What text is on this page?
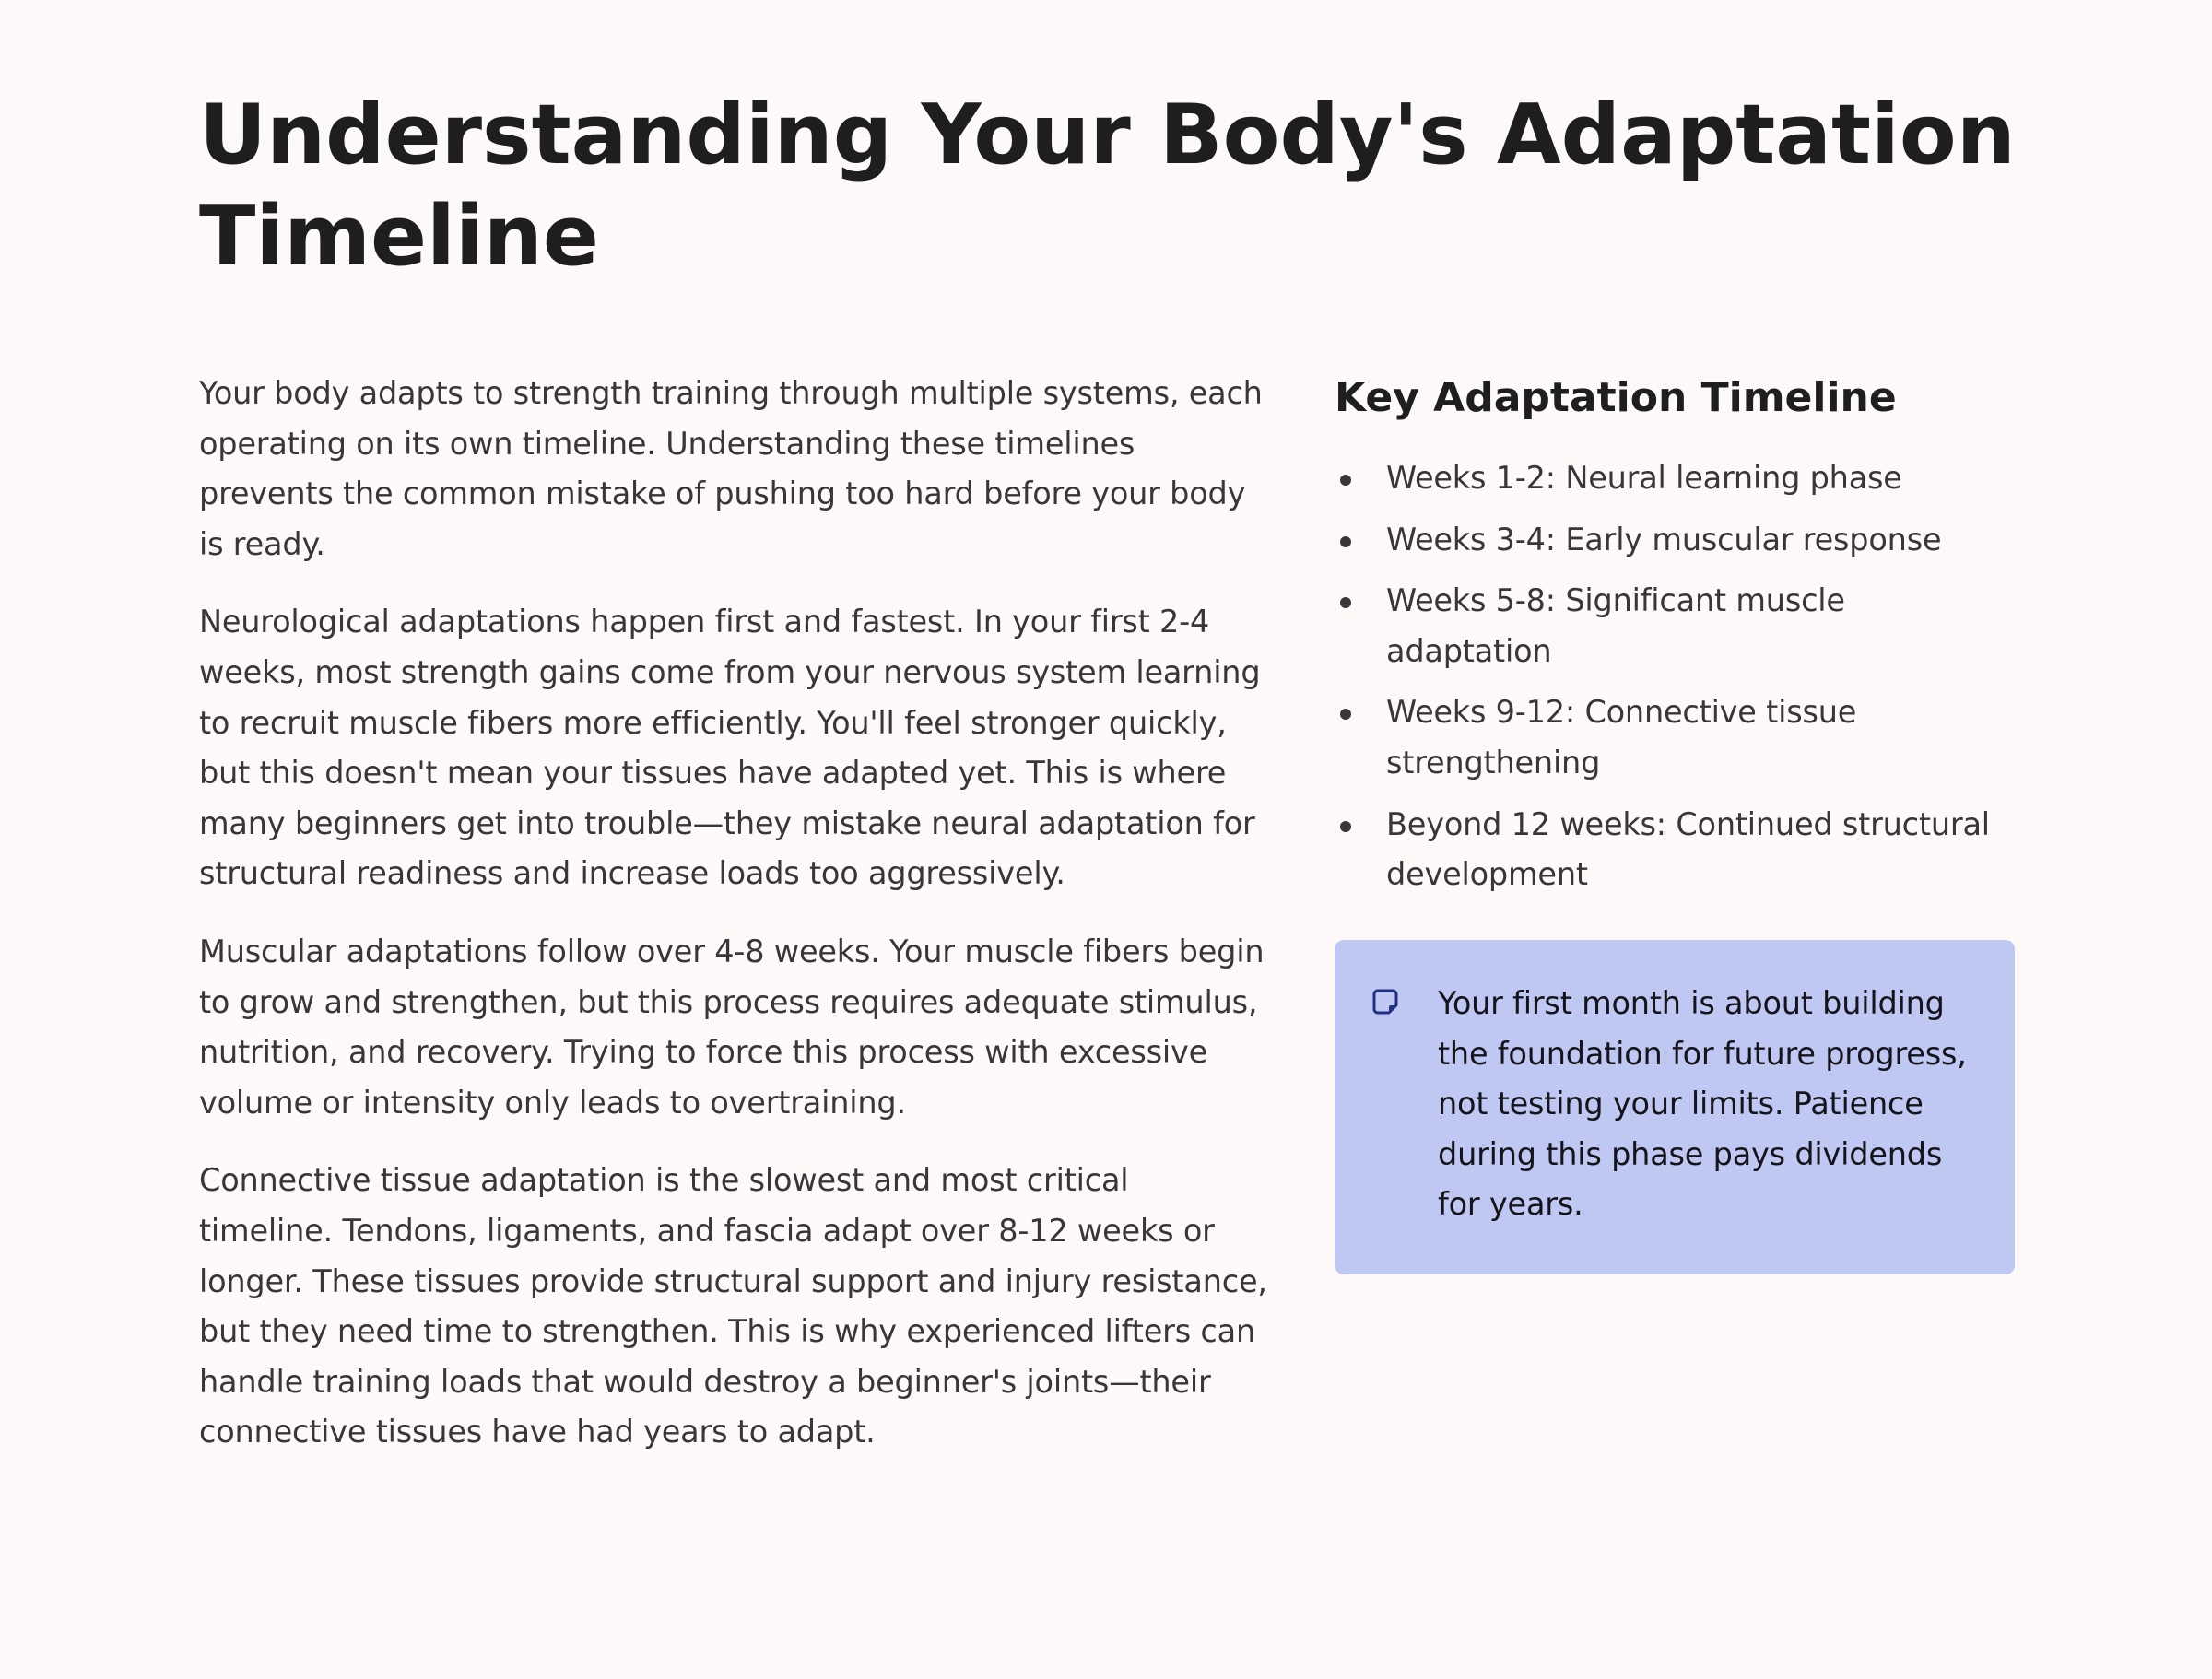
Understanding Your Body's Adaptation Timeline

Your body adapts to strength training through multiple systems, each operating on its own timeline. Understanding these timelines prevents the common mistake of pushing too hard before your body is ready.

Neurological adaptations happen first and fastest. In your first 2-4 weeks, most strength gains come from your nervous system learning to recruit muscle fibers more efficiently. You'll feel stronger quickly, but this doesn't mean your tissues have adapted yet. This is where many beginners get into trouble—they mistake neural adaptation for structural readiness and increase loads too aggressively.

Muscular adaptations follow over 4-8 weeks. Your muscle fibers begin to grow and strengthen, but this process requires adequate stimulus, nutrition, and recovery. Trying to force this process with excessive volume or intensity only leads to overtraining.

Connective tissue adaptation is the slowest and most critical timeline. Tendons, ligaments, and fascia adapt over 8-12 weeks or longer. These tissues provide structural support and injury resistance, but they need time to strengthen. This is why experienced lifters can handle training loads that would destroy a beginner's joints—their connective tissues have had years to adapt.

Key Adaptation Timeline
Weeks 1-2: Neural learning phase
Weeks 3-4: Early muscular response
Weeks 5-8: Significant muscle adaptation
Weeks 9-12: Connective tissue strengthening
Beyond 12 weeks: Continued structural development

Your first month is about building the foundation for future progress, not testing your limits. Patience during this phase pays dividends for years.
